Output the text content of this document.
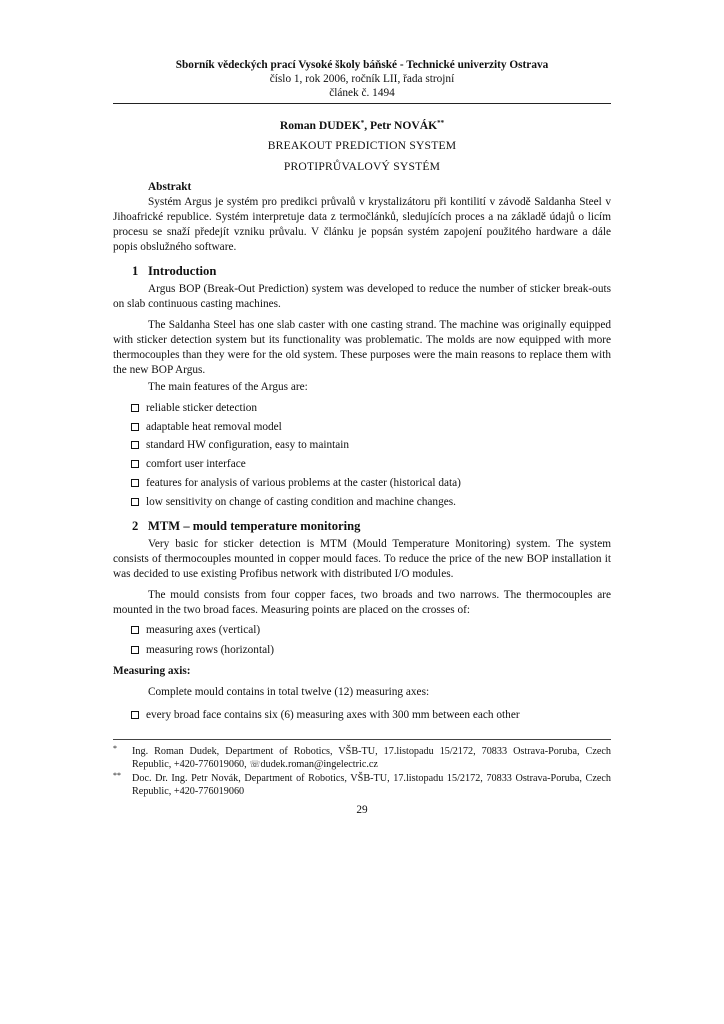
Sborník vědeckých prací Vysoké školy báňské - Technické univerzity Ostrava
číslo 1, rok 2006, ročník LII, řada strojní
článek č. 1494
Roman DUDEK*, Petr NOVÁK**
BREAKOUT PREDICTION SYSTEM
PROTIPRŮVALOVÝ SYSTÉM
Abstrakt
Systém Argus je systém pro predikci průvalů v krystalizátoru při kontilití v závodě Saldanha Steel v Jihoafrické republice. Systém interpretuje data z termočlánků, sledujících proces a na základě údajů o licím procesu se snaží předejít vzniku průvalu. V článku je popsán systém zapojení použitého hardware a dále popis obslužného software.
1 Introduction
Argus BOP (Break-Out Prediction) system was developed to reduce the number of sticker break-outs on slab continuous casting machines.
The Saldanha Steel has one slab caster with one casting strand. The machine was originally equipped with sticker detection system but its functionality was problematic. The molds are now equipped with more thermocouples than they were for the old system. These purposes were the main reasons to replace them with the new BOP Argus.
The main features of the Argus are:
reliable sticker detection
adaptable heat removal model
standard HW configuration, easy to maintain
comfort user interface
features for analysis of various problems at the caster (historical data)
low sensitivity on change of casting condition and machine changes.
2 MTM – mould temperature monitoring
Very basic for sticker detection is MTM (Mould Temperature Monitoring) system. The system consists of thermocouples mounted in copper mould faces. To reduce the price of the new BOP installation it was decided to use existing Profibus network with distributed I/O modules.
The mould consists from four copper faces, two broads and two narrows. The thermocouples are mounted in the two broad faces. Measuring points are placed on the crosses of:
measuring axes (vertical)
measuring rows (horizontal)
Measuring axis:
Complete mould contains in total twelve (12) measuring axes:
every broad face contains six (6) measuring axes with 300 mm between each other
* Ing. Roman Dudek, Department of Robotics, VŠB-TU, 17.listopadu 15/2172, 70833 Ostrava-Poruba, Czech Republic, +420-776019060, ☏dudek.roman@ingelectric.cz
** Doc. Dr. Ing. Petr Novák, Department of Robotics, VŠB-TU, 17.listopadu 15/2172, 70833 Ostrava-Poruba, Czech Republic, +420-776019060
29
